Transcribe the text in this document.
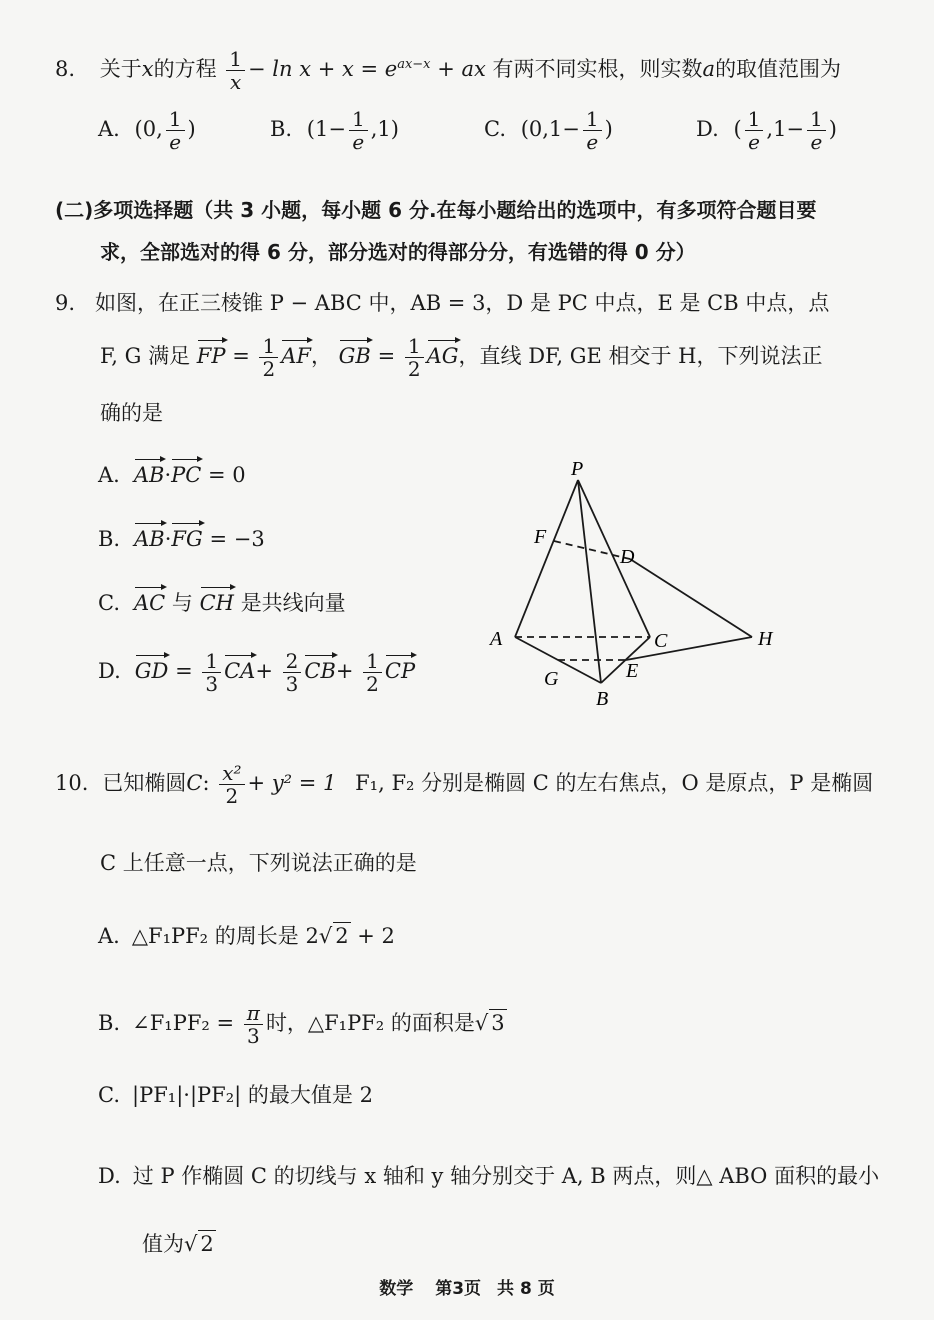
8. 关于x的方程 $\frac{1}{x} - \ln x + x = e^{ax-x}$ + ax 有两不同实根，则实数a的取值范围为
A. (0, $\frac{1}{e}$ )	B. $(1- \frac{1}{e} ,1)$	C. ($0,1- \frac{1}{e}$ )	D. ( $\frac{1}{e} ,1- \frac{1}{e}$ )
(二)多项选择题（共 3 小题，每小题 6 分.在每小题给出的选项中，有多项符合题目要
求，全部选对的得 6 分，部分选对的得部分分，有选错的得 0 分）
9. 如图，在正三棱锥 P − ABC 中，AB = 3，D 是 PC 中点，E 是 CB 中点，点
F, G 满足 FP = $\frac{1}{2}$ AF， GB = $\frac{1}{2}$ AG，直线 DF, GE 相交于 H，下列说法正
确的是
A. AB·PC = 0
B. AB·FG = −3
C. AC 与 CH 是共线向量
D. GD = $\frac{1}{3} CA+ \frac{2}{3} CB+ \frac{1}{2}$ CP
P
F
D
A	C	H
G	E
B
10. 已知椭圆C: $\frac{\text{x²}}{2} + y^2 = 1$ F₁, F₂ 分别是椭圆 C 的左右焦点，O 是原点，P 是椭圆
C 上任意一点，下列说法正确的是
A. △F₁PF₂ 的周长是 2√ 2 + 2
B. ∠F₁PF₂ = $\frac{\pi}{3}$ 时，△F₁PF₂ 的面积是√ 3
C. |PF₁|·|PF₂| 的最大值是 2
D. 过 P 作椭圆 C 的切线与 x 轴和 y 轴分别交于 A, B 两点，则△ ABO 面积的最小
值为√ 2
数学 第3页 共 8 页
